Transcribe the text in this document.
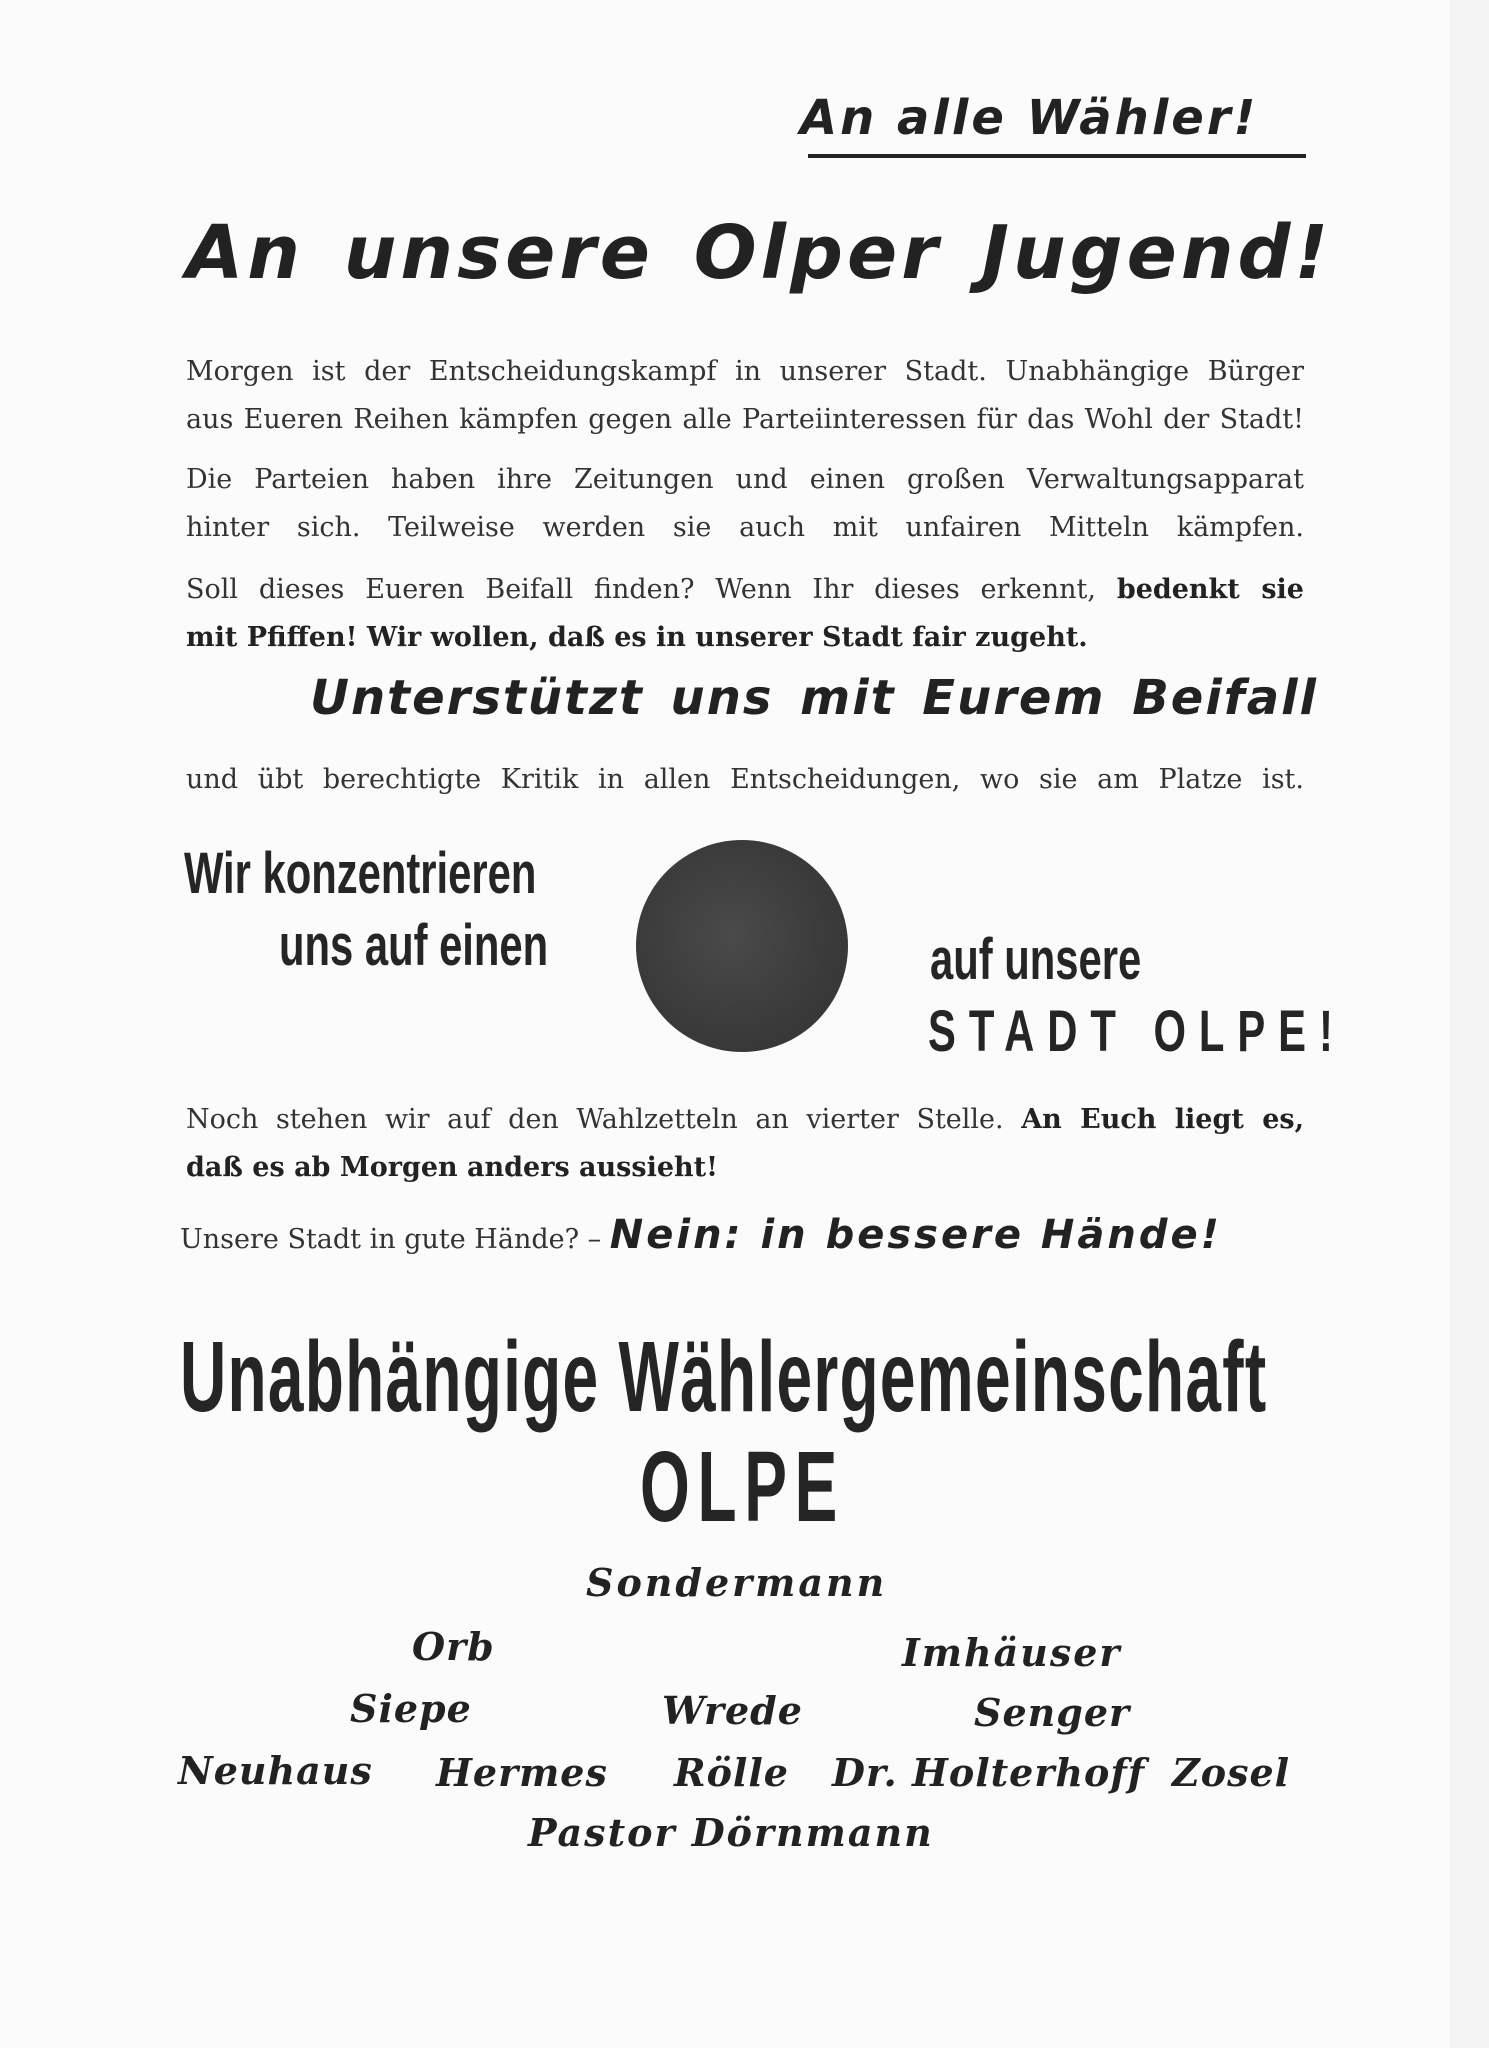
An alle Wähler!
An unsere Olper Jugend!
Morgen ist der Entscheidungskampf in unserer Stadt. Unabhängige Bürger
aus Eueren Reihen kämpfen gegen alle Parteiinteressen für das Wohl der Stadt!
Die Parteien haben ihre Zeitungen und einen großen Verwaltungsapparat
hinter sich. Teilweise werden sie auch mit unfairen Mitteln kämpfen.
Soll dieses Eueren Beifall finden? Wenn Ihr dieses erkennt, bedenkt sie
mit Pfiffen! Wir wollen, daß es in unserer Stadt fair zugeht.
Unterstützt uns mit Eurem Beifall
und übt berechtigte Kritik in allen Entscheidungen, wo sie am Platze ist.
Wir konzentrieren
uns auf einen	auf unsere
STADT OLPE!
Noch stehen wir auf den Wahlzetteln an vierter Stelle. An Euch liegt es,
daß es ab Morgen anders aussieht!
Unsere Stadt in gute Hände? – Nein: in bessere Hände!
Unabhängige Wählergemeinschaft
OLPE
Sondermann
Orb	Imhäuser
Siepe	Wrede	Senger
Neuhaus Hermes Rölle Dr. Holterhoff Zosel
Pastor Dörnmann
